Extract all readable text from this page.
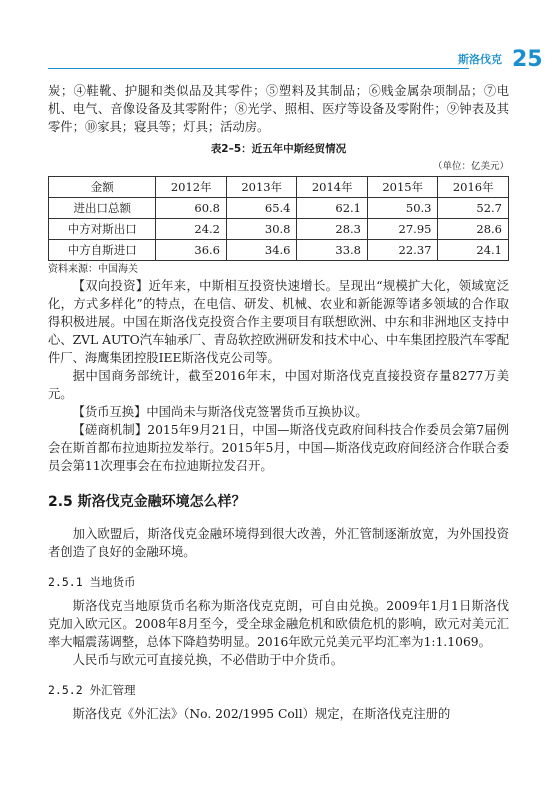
斯洛伐克 25

炭；④鞋靴、护腿和类似品及其零件；⑤塑料及其制品；⑥贱金属杂项制品；⑦电机、电气、音像设备及其零附件；⑧光学、照相、医疗等设备及零附件；⑨钟表及其零件；⑩家具；寝具等；灯具；活动房。

表2–5：近五年中斯经贸情况
（单位：亿美元）
金额	2012年	2013年	2014年	2015年	2016年
进出口总额	60.8	65.4	62.1	50.3	52.7
中方对斯出口	24.2	30.8	28.3	27.95	28.6
中方自斯进口	36.6	34.6	33.8	22.37	24.1
资料来源：中国海关

【双向投资】近年来，中斯相互投资快速增长。呈现出“规模扩大化，领域宽泛化，方式多样化”的特点，在电信、研发、机械、农业和新能源等诸多领域的合作取得积极进展。中国在斯洛伐克投资合作主要项目有联想欧洲、中东和非洲地区支持中心、ZVL AUTO汽车轴承厂、青岛软控欧洲研发和技术中心、中车集团控股汽车零配件厂、海鹰集团控股IEE斯洛伐克公司等。

据中国商务部统计，截至2016年末，中国对斯洛伐克直接投资存量8277万美元。

【货币互换】中国尚未与斯洛伐克签署货币互换协议。

【磋商机制】2015年9月21日，中国—斯洛伐克政府间科技合作委员会第7届例会在斯首都布拉迪斯拉发举行。2015年5月，中国—斯洛伐克政府间经济合作联合委员会第11次理事会在布拉迪斯拉发召开。

2.5 斯洛伐克金融环境怎么样？

加入欧盟后，斯洛伐克金融环境得到很大改善，外汇管制逐渐放宽，为外国投资者创造了良好的金融环境。

2.5.1 当地货币

斯洛伐克当地原货币名称为斯洛伐克克朗，可自由兑换。2009年1月1日斯洛伐克加入欧元区。2008年8月至今，受全球金融危机和欧债危机的影响，欧元对美元汇率大幅震荡调整，总体下降趋势明显。2016年欧元兑美元平均汇率为1:1.1069。

人民币与欧元可直接兑换，不必借助于中介货币。

2.5.2 外汇管理

斯洛伐克《外汇法》（No. 202/1995 Coll）规定，在斯洛伐克注册的
